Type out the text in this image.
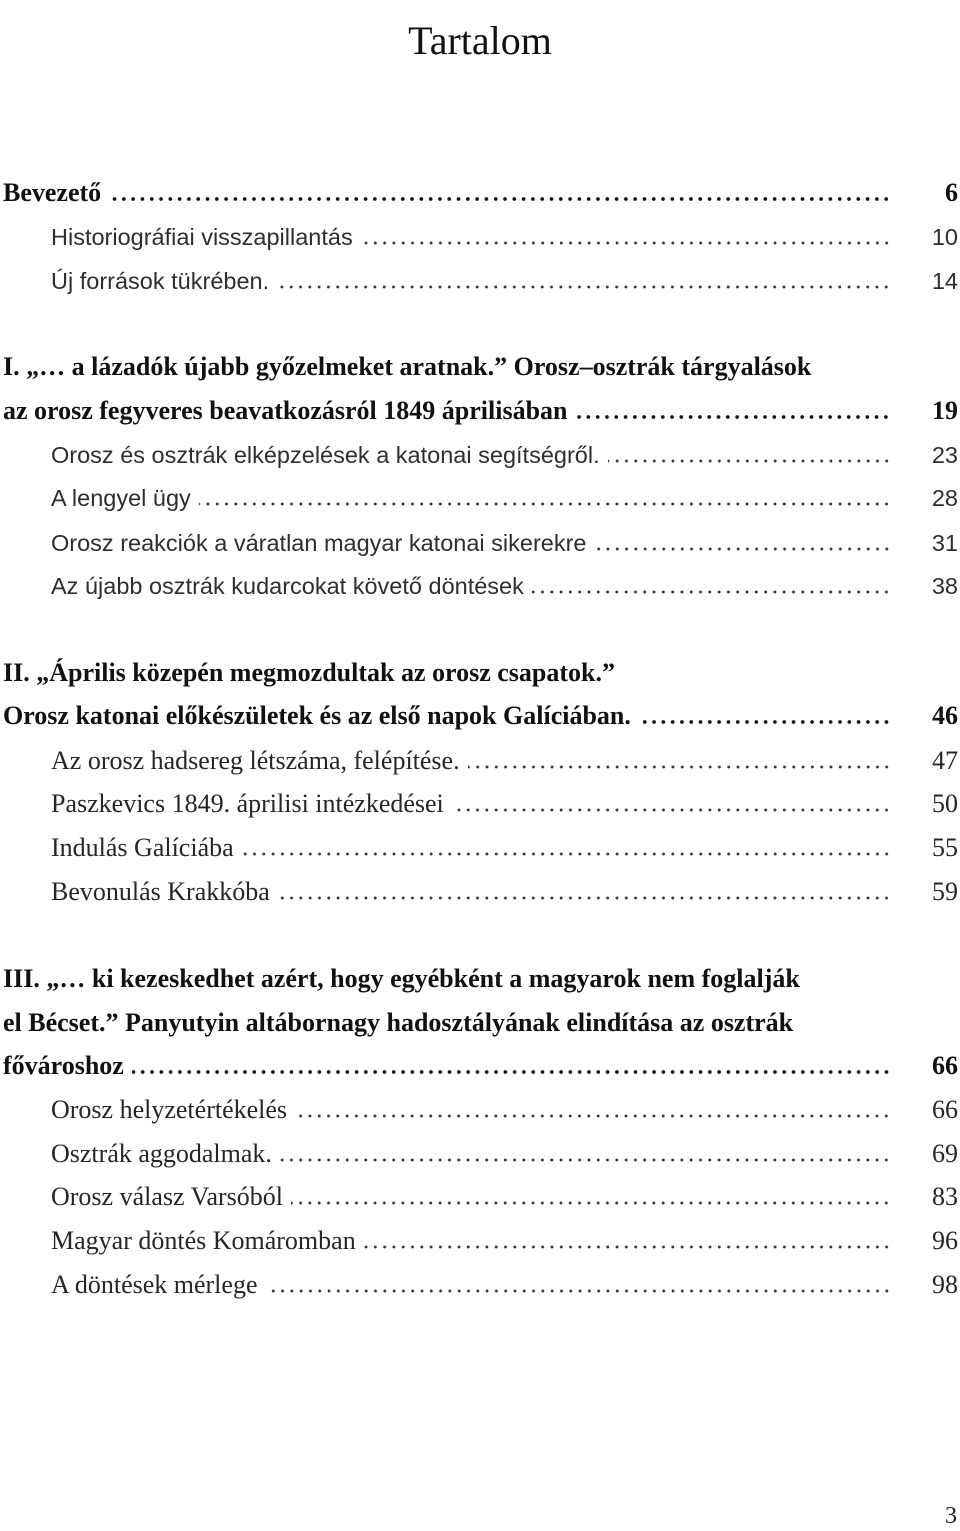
Tartalom
Bevezető	6
Historiográfiai visszapillantás	10
Új források tükrében.	14
I. „… a lázadók újabb győzelmeket aratnak.” Orosz–osztrák tárgyalások
az orosz fegyveres beavatkozásról 1849 áprilisában	19
Orosz és osztrák elképzelések a katonai segítségről.	23
A lengyel ügy	28
Orosz reakciók a váratlan magyar katonai sikerekre	31
Az újabb osztrák kudarcokat követő döntések	38
II. „Április közepén megmozdultak az orosz csapatok.”
Orosz katonai előkészületek és az első napok Galíciában.	46
Az orosz hadsereg létszáma, felépítése.	47
Paszkevics 1849. áprilisi intézkedései	50
Indulás Galíciába	55
Bevonulás Krakkóba	59
III. „… ki kezeskedhet azért, hogy egyébként a magyarok nem foglalják
el Bécset.” Panyutyin altábornagy hadosztályának elindítása az osztrák
fővároshoz	66
Orosz helyzetértékelés	66
Osztrák aggodalmak.	69
Orosz válasz Varsóból	83
Magyar döntés Komáromban	96
A döntések mérlege	98
3
